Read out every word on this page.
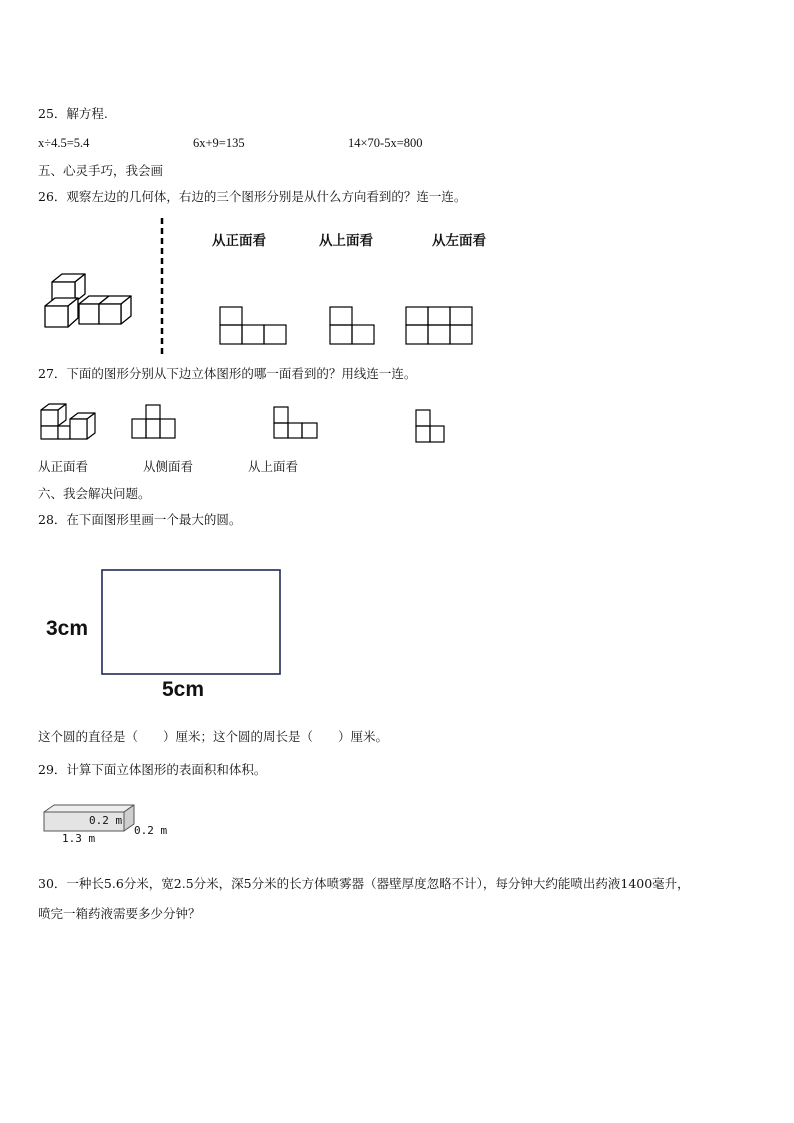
25．解方程.
x÷4.5=5.4	6x+9=135	14×70-5x=800
五、心灵手巧，我会画
26．观察左边的几何体，右边的三个图形分别是从什么方向看到的？连一连。
从正面看	从上面看	从左面看
27．下面的图形分别从下边立体图形的哪一面看到的？用线连一连。
从正面看	从侧面看	从上面看
六、我会解决问题。
28．在下面图形里画一个最大的圆。
3cm
5cm
这个圆的直径是（　　）厘米；这个圆的周长是（　　）厘米。
29．计算下面立体图形的表面积和体积。
0.2 m
0.2 m
1.3 m
30．一种长5.6分米，宽2.5分米，深5分米的长方体喷雾器（器壁厚度忽略不计），每分钟大约能喷出药液1400毫升，
喷完一箱药液需要多少分钟？
